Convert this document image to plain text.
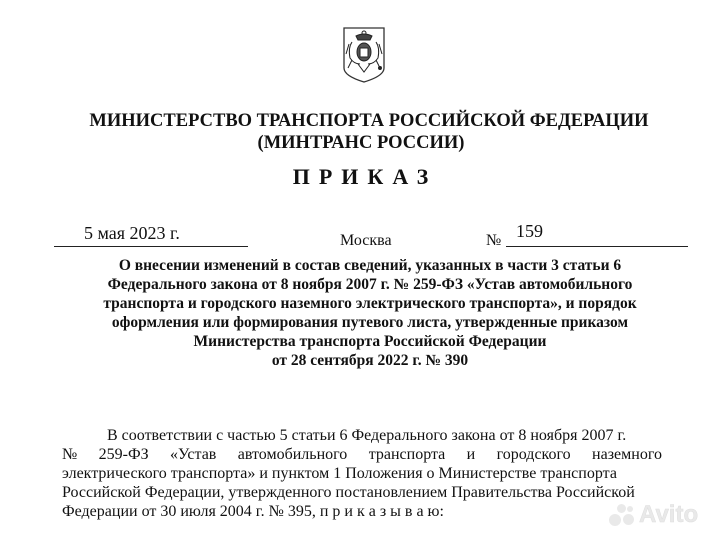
МИНИСТЕРСТВО ТРАНСПОРТА РОССИЙСКОЙ ФЕДЕРАЦИИ
(МИНТРАНС РОССИИ)
ПРИКАЗ
5 мая 2023 г.	Москва	№ 159
О внесении изменений в состав сведений, указанных в части 3 статьи 6
Федерального закона от 8 ноября 2007 г. № 259-ФЗ «Устав автомобильного
транспорта и городского наземного электрического транспорта», и порядок
оформления или формирования путевого листа, утвержденные приказом
Министерства транспорта Российской Федерации
от 28 сентября 2022 г. № 390
В соответствии с частью 5 статьи 6 Федерального закона от 8 ноября 2007 г.
№ 259-ФЗ «Устав автомобильного транспорта и городского наземного
электрического транспорта» и пунктом 1 Положения о Министерстве транспорта
Российской Федерации, утвержденного постановлением Правительства Российской
Федерации от 30 июля 2004 г. № 395, п р и к а з ы в а ю:	Avito
